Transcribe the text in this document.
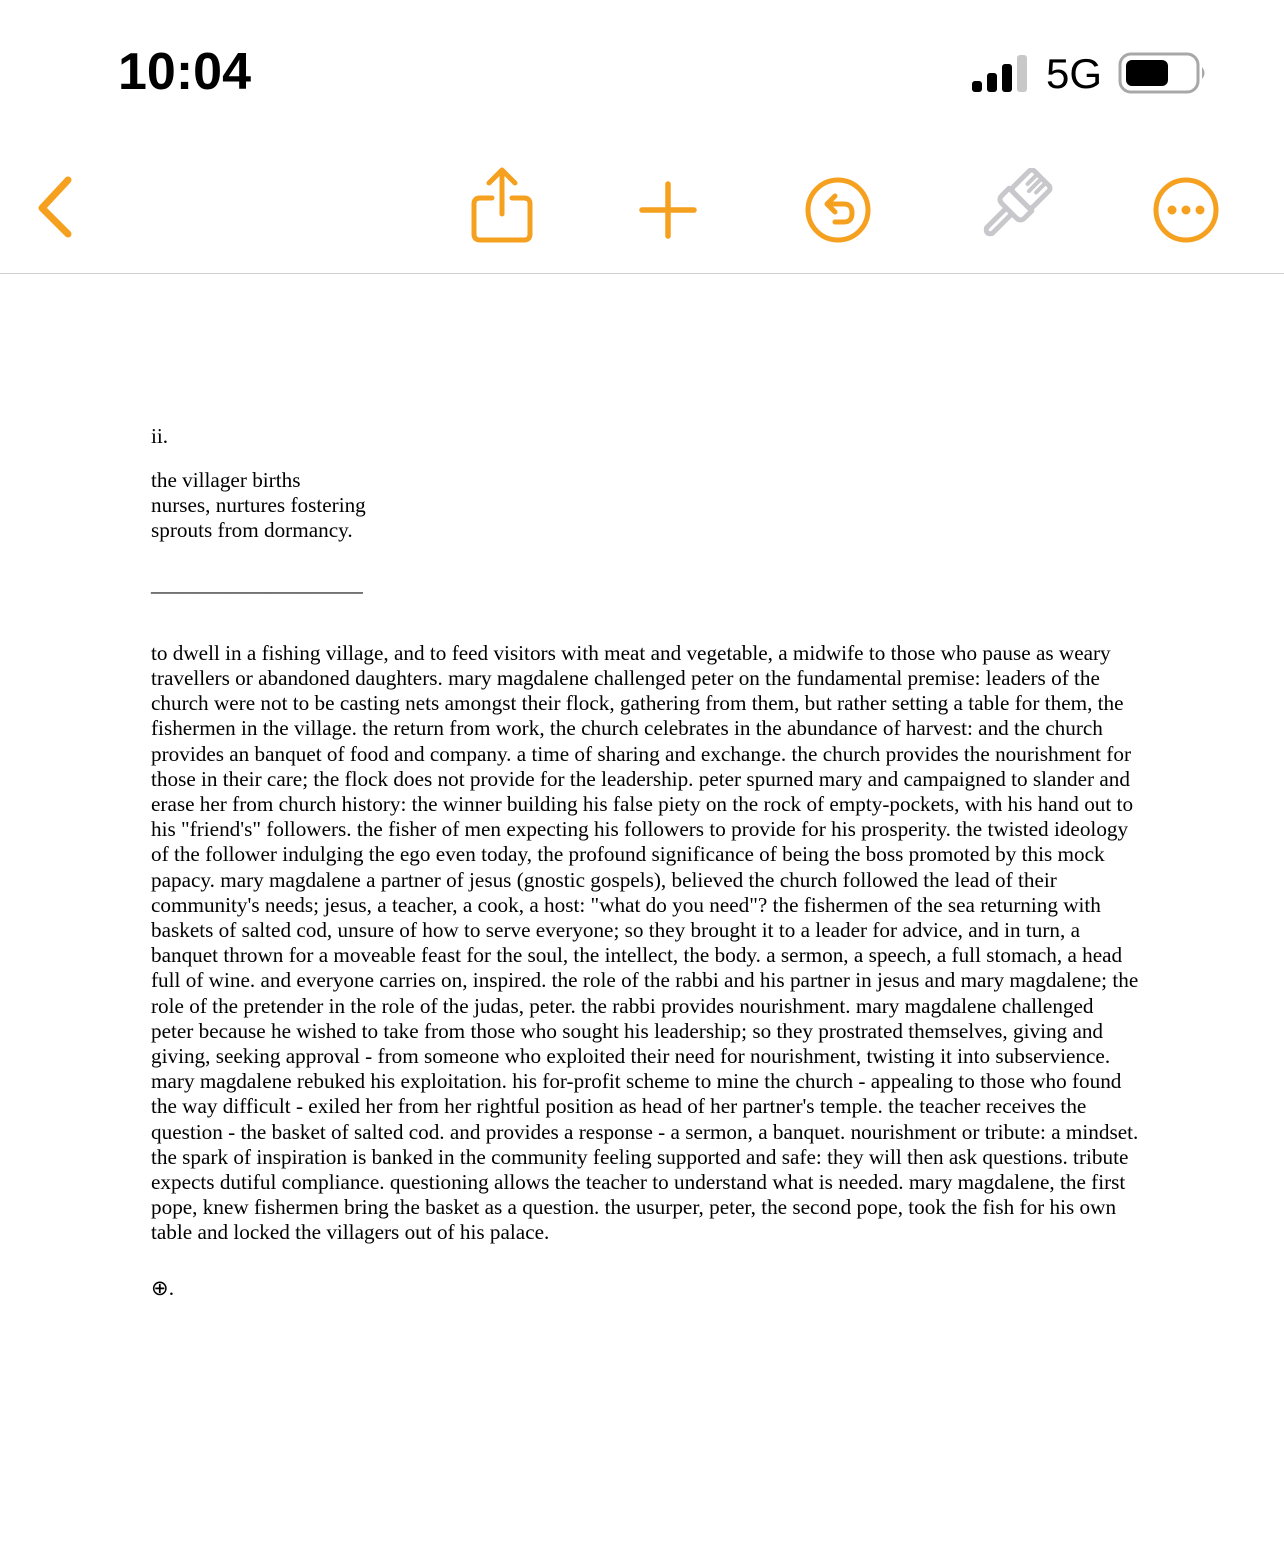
10:04	5G

ii.

the villager births
nurses, nurtures fostering
sprouts from dormancy.
____________________

to dwell in a fishing village, and to feed visitors with meat and vegetable, a midwife to those who pause as weary travellers or abandoned daughters. mary magdalene challenged peter on the fundamental premise: leaders of the church were not to be casting nets amongst their flock, gathering from them, but rather setting a table for them, the fishermen in the village. the return from work, the church celebrates in the abundance of harvest: and the church provides an banquet of food and company. a time of sharing and exchange. the church provides the nourishment for those in their care; the flock does not provide for the leadership. peter spurned mary and campaigned to slander and erase her from church history: the winner building his false piety on the rock of empty-pockets, with his hand out to his "friend's" followers. the fisher of men expecting his followers to provide for his prosperity. the twisted ideology of the follower indulging the ego even today, the profound significance of being the boss promoted by this mock papacy. mary magdalene a partner of jesus (gnostic gospels), believed the church followed the lead of their community's needs; jesus, a teacher, a cook, a host: "what do you need"? the fishermen of the sea returning with baskets of salted cod, unsure of how to serve everyone; so they brought it to a leader for advice, and in turn, a banquet thrown for a moveable feast for the soul, the intellect, the body. a sermon, a speech, a full stomach, a head full of wine. and everyone carries on, inspired. the role of the rabbi and his partner in jesus and mary magdalene; the role of the pretender in the role of the judas, peter. the rabbi provides nourishment. mary magdalene challenged peter because he wished to take from those who sought his leadership; so they prostrated themselves, giving and giving, seeking approval - from someone who exploited their need for nourishment, twisting it into subservience. mary magdalene rebuked his exploitation. his for-profit scheme to mine the church - appealing to those who found the way difficult - exiled her from her rightful position as head of her partner's temple. the teacher receives the question - the basket of salted cod. and provides a response - a sermon, a banquet. nourishment or tribute: a mindset. the spark of inspiration is banked in the community feeling supported and safe: they will then ask questions. tribute expects dutiful compliance. questioning allows the teacher to understand what is needed. mary magdalene, the first pope, knew fishermen bring the basket as a question. the usurper, peter, the second pope, took the fish for his own table and locked the villagers out of his palace.

⊕.
